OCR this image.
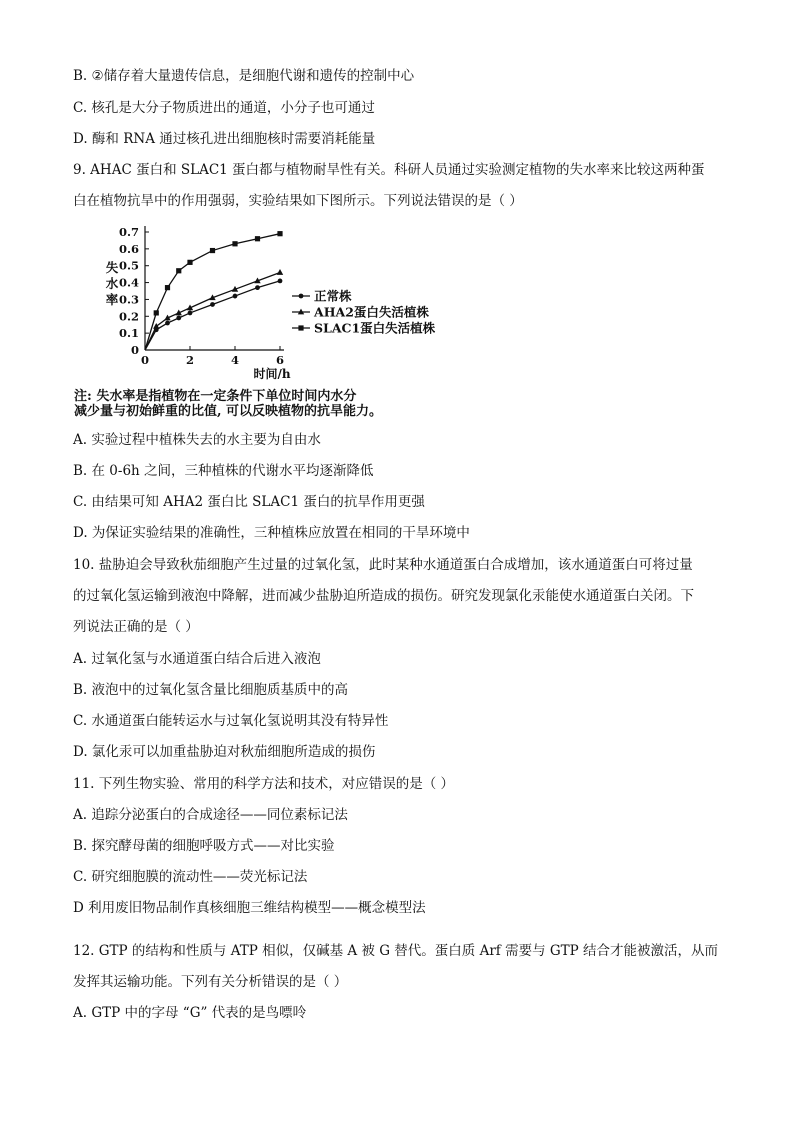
B. ②储存着大量遗传信息，是细胞代谢和遗传的控制中心
C. 核孔是大分子物质进出的通道，小分子也可通过
D. 酶和 RNA 通过核孔进出细胞核时需要消耗能量
9. AHAC 蛋白和 SLAC1 蛋白都与植物耐旱性有关。科研人员通过实验测定植物的失水率来比较这两种蛋
白在植物抗旱中的作用强弱，实验结果如下图所示。下列说法错误的是（ ）
0
0.1
0.2
0.3
0.4
0.5
0.6
0.7
0	2	4	6
时间/h
失
水
率	正常株
AHA2蛋白失活植株
SLAC1蛋白失活植株
注: 失水率是指植物在一定条件下单位时间内水分
减少量与初始鲜重的比值, 可以反映植物的抗旱能力。
A. 实验过程中植株失去的水主要为自由水
B. 在 0-6h 之间，三种植株的代谢水平均逐渐降低
C. 由结果可知 AHA2 蛋白比 SLAC1 蛋白的抗旱作用更强
D. 为保证实验结果的准确性，三种植株应放置在相同的干旱环境中
10. 盐胁迫会导致秋茄细胞产生过量的过氧化氢，此时某种水通道蛋白合成增加，该水通道蛋白可将过量
的过氧化氢运输到液泡中降解，进而减少盐胁迫所造成的损伤。研究发现氯化汞能使水通道蛋白关闭。下
列说法正确的是（ ）
A. 过氧化氢与水通道蛋白结合后进入液泡
B. 液泡中的过氧化氢含量比细胞质基质中的高
C. 水通道蛋白能转运水与过氧化氢说明其没有特异性
D. 氯化汞可以加重盐胁迫对秋茄细胞所造成的损伤
11. 下列生物实验、常用的科学方法和技术，对应错误的是（ ）
A. 追踪分泌蛋白的合成途径——同位素标记法
B. 探究酵母菌的细胞呼吸方式——对比实验
C. 研究细胞膜的流动性——荧光标记法
D 利用废旧物品制作真核细胞三维结构模型——概念模型法
12. GTP 的结构和性质与 ATP 相似，仅碱基 A 被 G 替代。蛋白质 Arf 需要与 GTP 结合才能被激活，从而
发挥其运输功能。下列有关分析错误的是（ ）
A. GTP 中的字母 “G” 代表的是鸟嘌呤
